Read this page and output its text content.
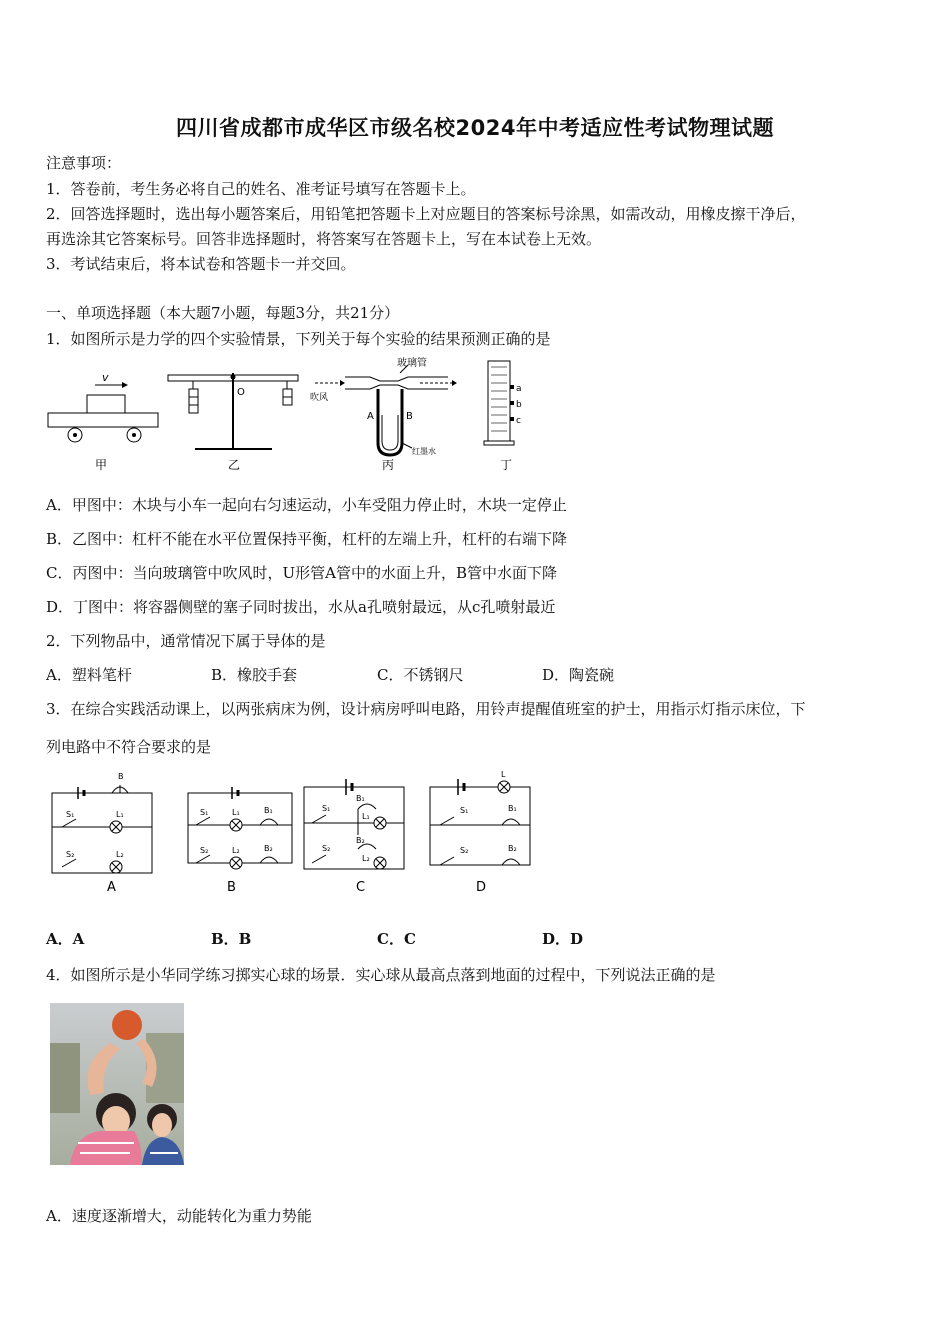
四川省成都市成华区市级名校2024年中考适应性考试物理试题
注意事项：
1．答卷前，考生务必将自己的姓名、准考证号填写在答题卡上。
2．回答选择题时，选出每小题答案后，用铅笔把答题卡上对应题目的答案标号涂黑，如需改动，用橡皮擦干净后，
再选涂其它答案标号。回答非选择题时，将答案写在答题卡上，写在本试卷上无效。
3．考试结束后，将本试卷和答题卡一并交回。
一、单项选择题（本大题7小题，每题3分，共21分）
1．如图所示是力学的四个实验情景，下列关于每个实验的结果预测正确的是
v
O
玻璃管
吹风
A	B
红墨水
a
b
c
甲	乙	丙	丁
A．甲图中：木块与小车一起向右匀速运动，小车受阻力停止时，木块一定停止
B．乙图中：杠杆不能在水平位置保持平衡，杠杆的左端上升，杠杆的右端下降
C．丙图中：当向玻璃管中吹风时，U形管A管中的水面上升，B管中水面下降
D．丁图中：将容器侧壁的塞子同时拔出，水从a孔喷射最远，从c孔喷射最近
2．下列物品中，通常情况下属于导体的是
A．塑料笔杆	B．橡胶手套	C．不锈钢尺	D．陶瓷碗
3．在综合实践活动课上，以两张病床为例，设计病房呼叫电路，用铃声提醒值班室的护士，用指示灯指示床位，下
列电路中不符合要求的是
B
S₁	L₁
S₂	L₂
S₁	L₁	B₁
S₂	L₂	B₂
S₁
B₁
L₁
S₂
B₂
L₂
L
S₁	B₁
S₂	B₂
A	B	C	D
A．A	B．B	C．C	D．D
4．如图所示是小华同学练习掷实心球的场景．实心球从最高点落到地面的过程中，下列说法正确的是
A．速度逐渐增大，动能转化为重力势能
